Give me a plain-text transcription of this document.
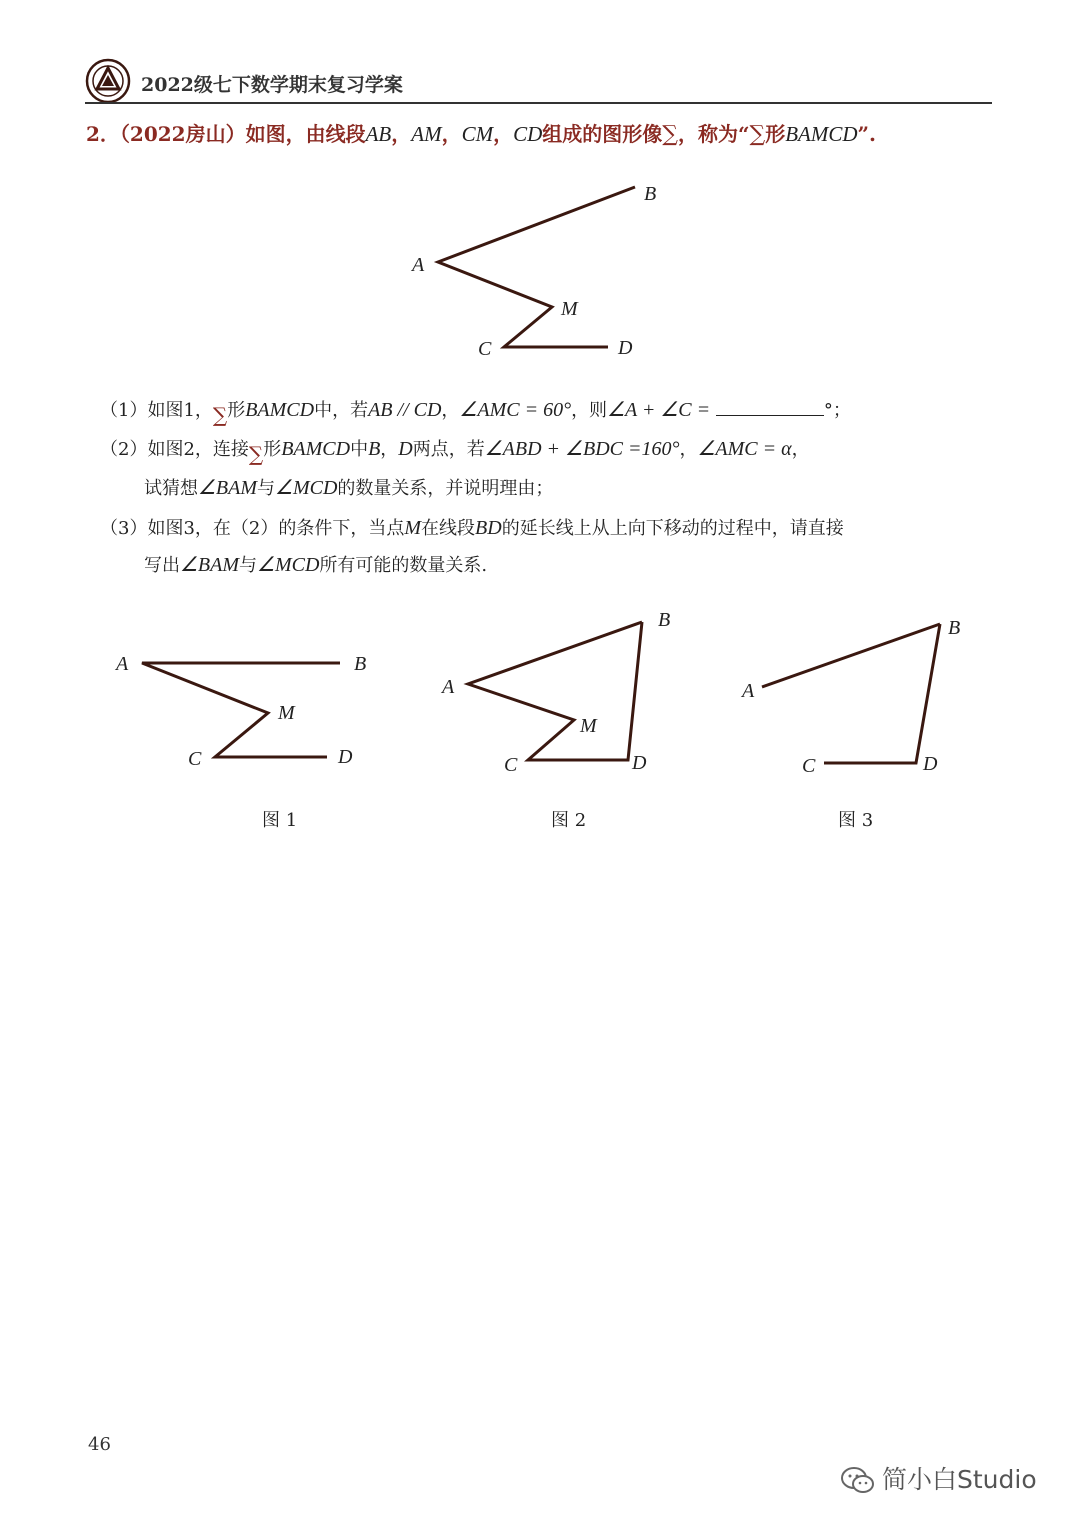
2022级七下数学期末复习学案
2．（2022房山）如图，由线段AB，AM，CM，CD组成的图形像∑，称为“∑形BAMCD”.
B
A
M
C	D
（1）如图1，∑形BAMCD中，若AB // CD，∠AMC = 60°，则∠A + ∠C =	°；
（2）如图2，连接∑形BAMCD中B，D两点，若∠ABD + ∠BDC =160°，∠AMC = α，
试猜想∠BAM与∠MCD的数量关系，并说明理由；
（3）如图3，在（2）的条件下，当点M在线段BD的延长线上从上向下移动的过程中，请直接
写出∠BAM与∠MCD所有可能的数量关系.
A	B
M
C	D
B
A
M
C	D
A
B
C	D
图 1	图 2	图 3
46
简小白Studio
